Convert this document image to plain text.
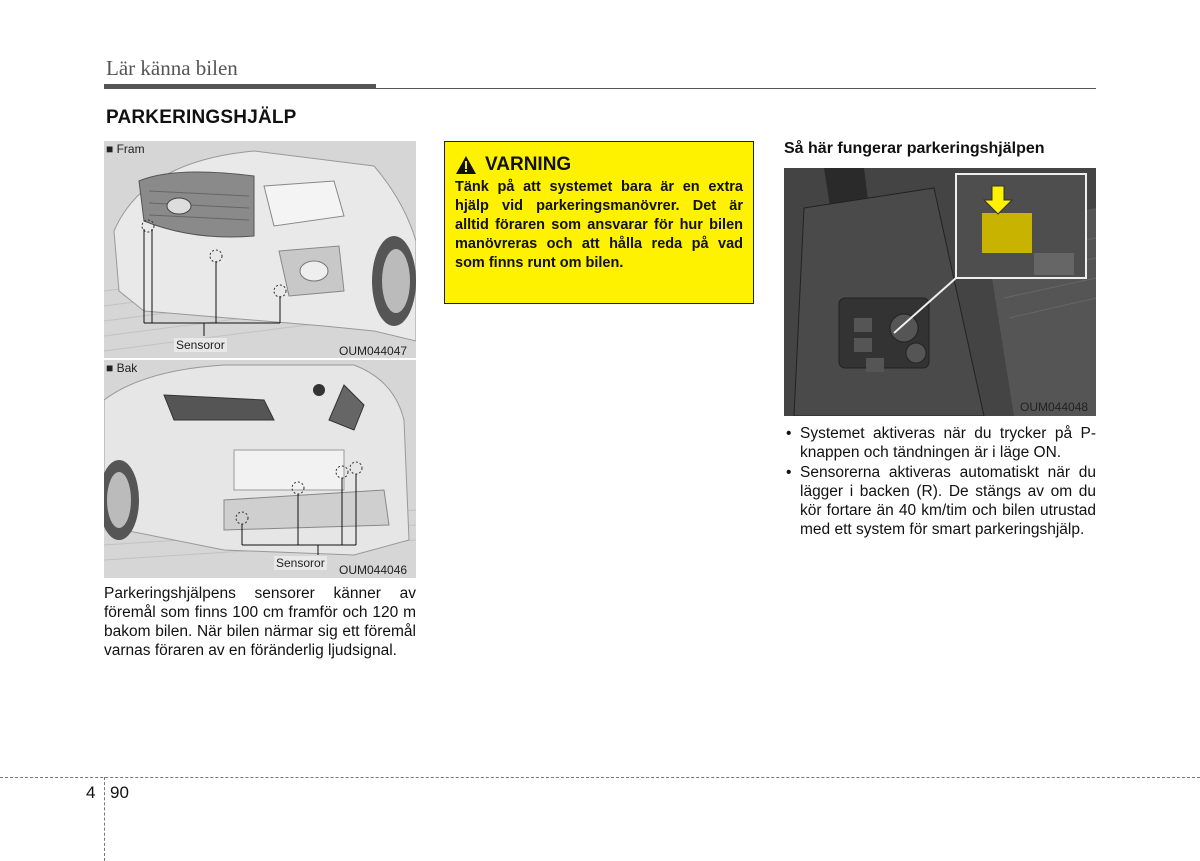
Lär känna bilen
PARKERINGSHJÄLP
■ Fram
Sensoror	OUM044047
■ Bak
Sensoror OUM044046
Parkeringshjälpens sensorer känner av föremål som finns 100 cm framför och 120 m bakom bilen. När bilen närmar sig ett föremål varnas föraren av en föränderlig ljudsignal.
VARNING
Tänk på att systemet bara är en extra hjälp vid parkeringsmanövrer. Det är alltid föraren som ansvarar för hur bilen manövreras och att hålla reda på vad som finns runt om bilen.
Så här fungerar parkeringshjälpen
OUM044048
• Systemet aktiveras när du trycker på P-knappen och tändningen är i läge ON.
• Sensorerna aktiveras automatiskt när du lägger i backen (R). De stängs av om du kör fortare än 40 km/tim och bilen utrustad med ett system för smart parkeringshjälp.
4 90
